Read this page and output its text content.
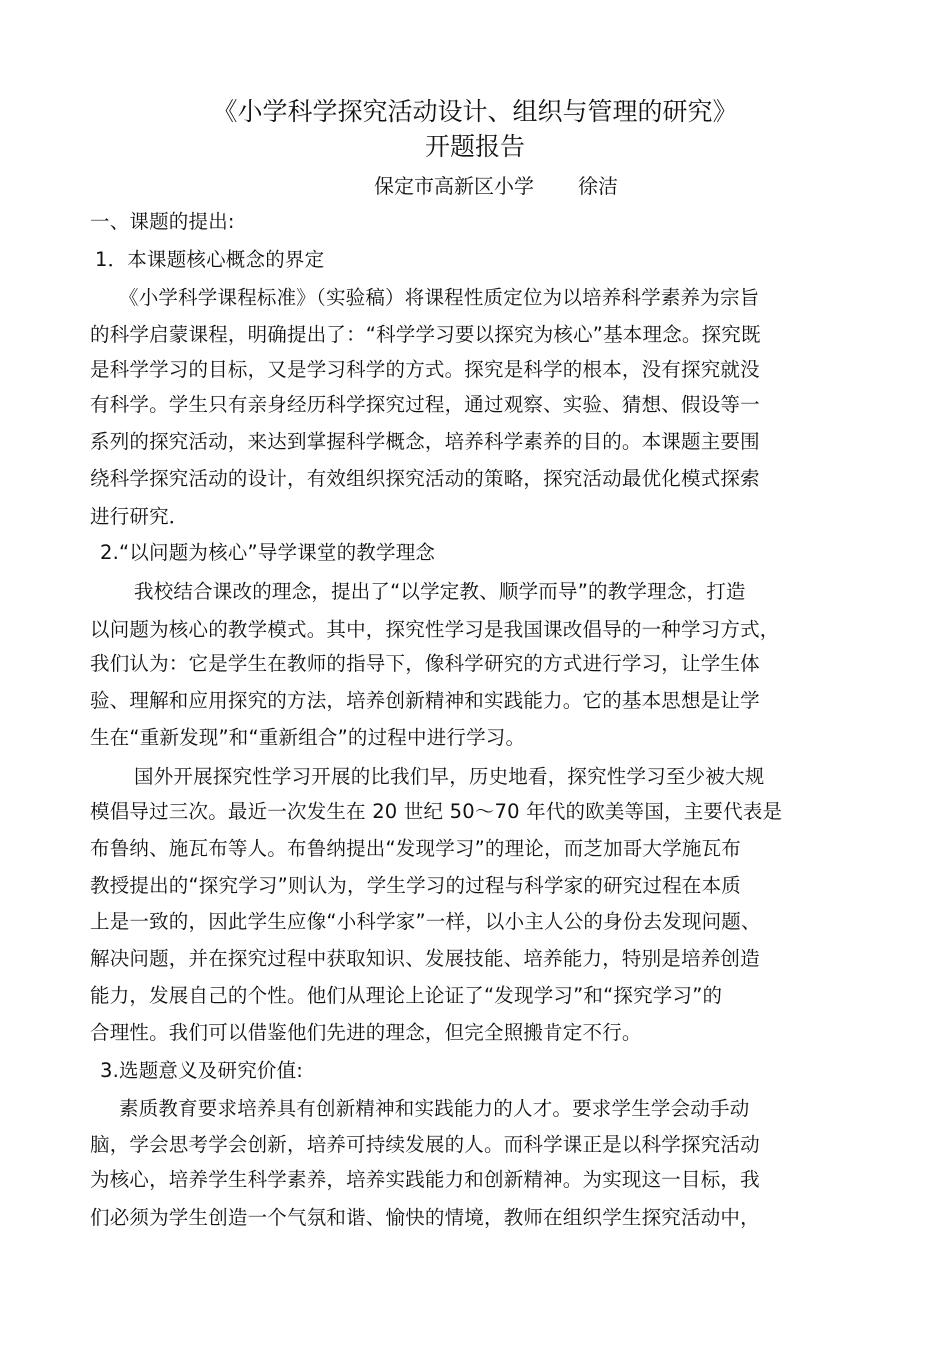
《小学科学探究活动设计、组织与管理的研究》
开题报告
保定市高新区小学 徐洁
一、课题的提出:
1．本课题核心概念的界定
《小学科学课程标准》（实验稿）将课程性质定位为以培养科学素养为宗旨
的科学启蒙课程，明确提出了：“科学学习要以探究为核心”基本理念。探究既
是科学学习的目标，又是学习科学的方式。探究是科学的根本，没有探究就没
有科学。学生只有亲身经历科学探究过程，通过观察、实验、猜想、假设等一
系列的探究活动，来达到掌握科学概念，培养科学素养的目的。本课题主要围
绕科学探究活动的设计，有效组织探究活动的策略，探究活动最优化模式探索
进行研究．
2.“以问题为核心”导学课堂的教学理念
我校结合课改的理念，提出了“以学定教、顺学而导”的教学理念，打造
以问题为核心的教学模式。其中，探究性学习是我国课改倡导的一种学习方式，
我们认为：它是学生在教师的指导下，像科学研究的方式进行学习，让学生体
验、理解和应用探究的方法，培养创新精神和实践能力。它的基本思想是让学
生在“重新发现”和“重新组合”的过程中进行学习。
国外开展探究性学习开展的比我们早，历史地看，探究性学习至少被大规
模倡导过三次。最近一次发生在 20 世纪 50～70 年代的欧美等国，主要代表是
布鲁纳、施瓦布等人。布鲁纳提出“发现学习”的理论，而芝加哥大学施瓦布
教授提出的“探究学习”则认为，学生学习的过程与科学家的研究过程在本质
上是一致的，因此学生应像“小科学家”一样，以小主人公的身份去发现问题、
解决问题，并在探究过程中获取知识、发展技能、培养能力，特别是培养创造
能力，发展自己的个性。他们从理论上论证了“发现学习”和“探究学习”的
合理性。我们可以借鉴他们先进的理念，但完全照搬肯定不行。
3.选题意义及研究价值:
素质教育要求培养具有创新精神和实践能力的人才。要求学生学会动手动
脑，学会思考学会创新，培养可持续发展的人。而科学课正是以科学探究活动
为核心，培养学生科学素养，培养实践能力和创新精神。为实现这一目标，我
们必须为学生创造一个气氛和谐、愉快的情境，教师在组织学生探究活动中，
